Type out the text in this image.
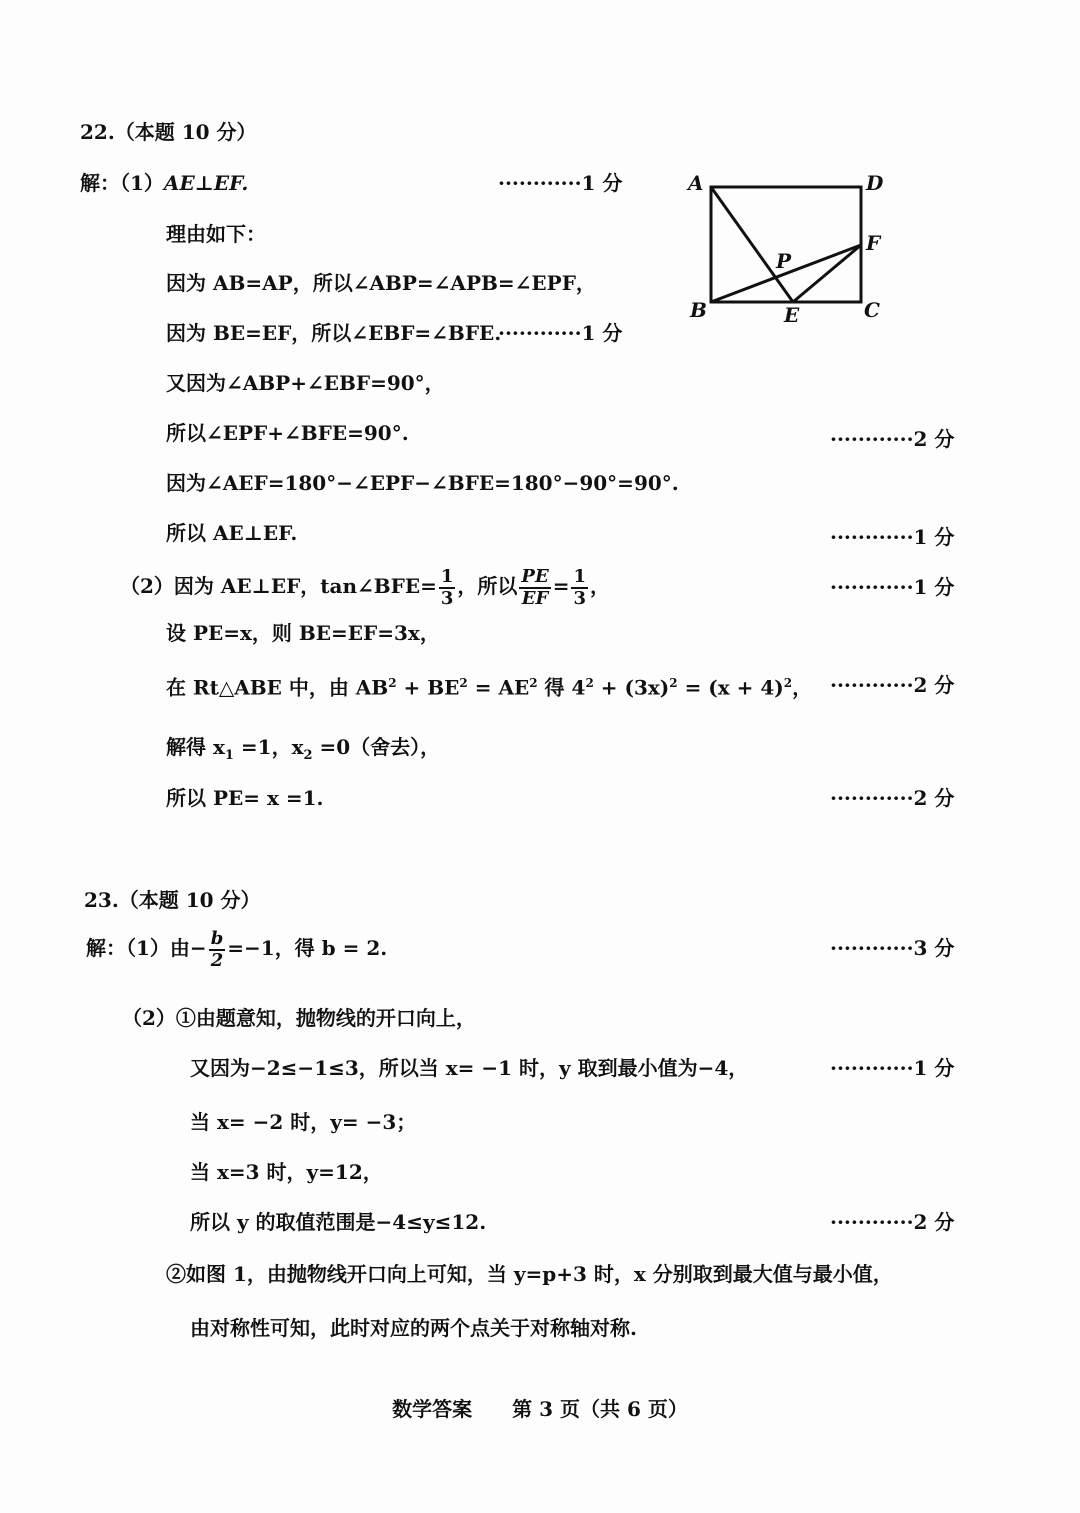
22.（本题 10 分）
解：（1）AE⊥EF.	············1 分
理由如下：
因为 AB=AP，所以∠ABP=∠APB=∠EPF，
因为 BE=EF，所以∠EBF=∠BFE.
············1 分
又因为∠ABP+∠EBF=90°，
所以∠EPF+∠BFE=90°.	············2 分
因为∠AEF=180°−∠EPF−∠BFE=180°−90°=90°.
所以 AE⊥EF.	············1 分
（2）因为 AE⊥EF，tan∠BFE= $\frac{1}{3}$ ，所以 $\frac{PE}{EF} = \frac{1}{3}$ ，	············1 分
设 PE=x，则 BE=EF=3x，
在 Rt△ABE 中，由 $AB^2 + BE^2 = AE^2$ 得 $4^2 + (3x)^2 = (x + 4)^2$， ············2 分
解得 $x_1 =1$，$x_2 =0$（舍去），
所以 PE= x =1.	············2 分
A	D
F
P
B	E	C
23.（本题 10 分）
解：（1）由− $\frac{b}{2} =-1$，得 b = 2.	············3 分
（2）①由题意知，抛物线的开口向上，
又因为−2≤−1≤3，所以当 x= −1 时，y 取到最小值为−4，	············1 分
当 x= −2 时，y= −3；
当 x=3 时，y=12，
所以 y 的取值范围是−4≤y≤12.	············2 分
②如图 1，由抛物线开口向上可知，当 y=p+3 时，x 分别取到最大值与最小值，
由对称性可知，此时对应的两个点关于对称轴对称.
数学答案　　第 3 页（共 6 页）
